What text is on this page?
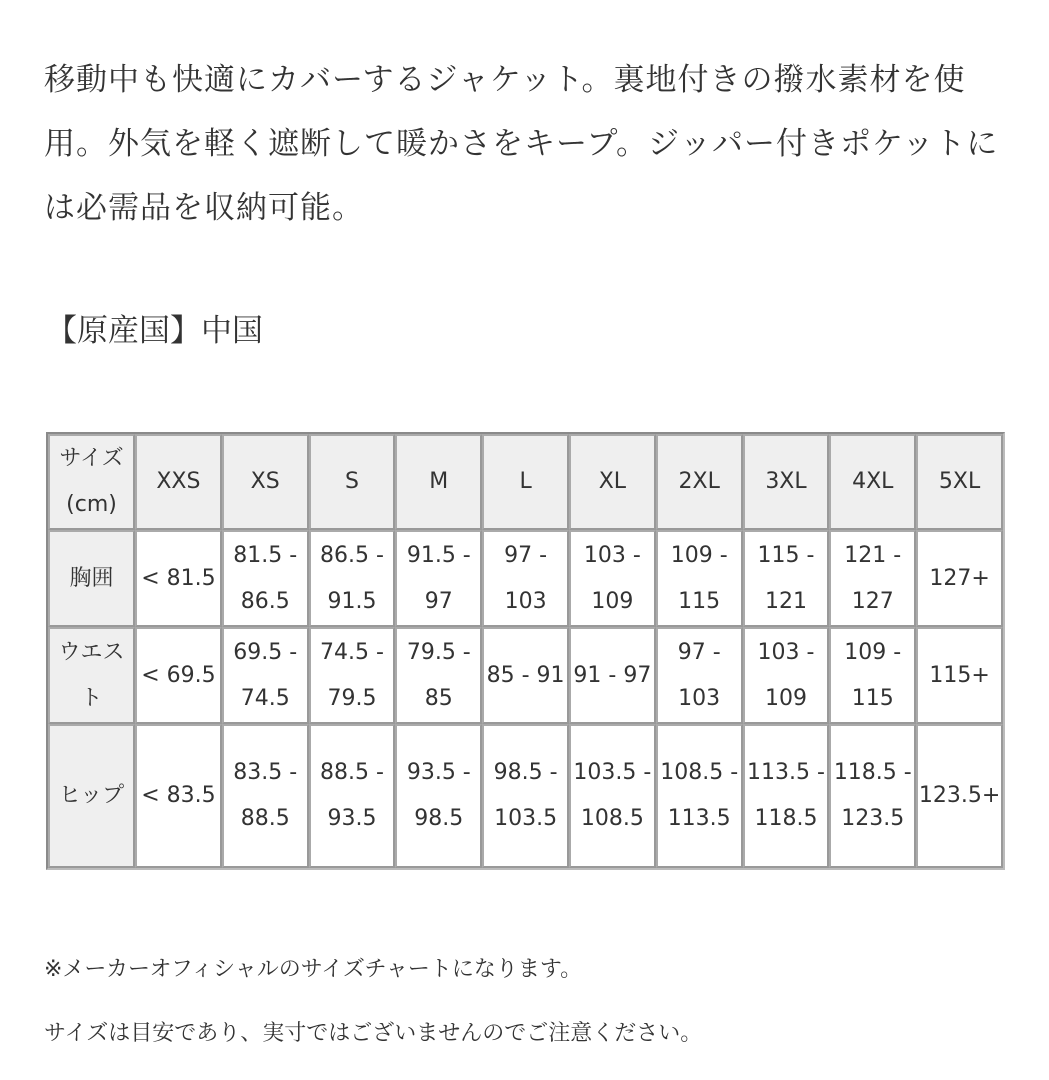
移動中も快適にカバーするジャケット。裏地付きの撥水素材を使用。外気を軽く遮断して暖かさをキープ。ジッパー付きポケットには必需品を収納可能。
【原産国】中国
サイズ(cm)	XXS	XS	S	M	L	XL	2XL	3XL	4XL	5XL
胸囲	< 81.5	81.5 - 86.5	86.5 - 91.5	91.5 - 97	97 - 103	103 - 109	109 - 115	115 - 121	121 - 127	127+
ウエスト	< 69.5	69.5 - 74.5	74.5 - 79.5	79.5 - 85	85 - 91	91 - 97	97 - 103	103 - 109	109 - 115	115+
ヒップ	< 83.5	83.5 - 88.5	88.5 - 93.5	93.5 - 98.5	98.5 - 103.5	103.5 - 108.5	108.5 - 113.5	113.5 - 118.5	118.5 - 123.5	123.5+
※メーカーオフィシャルのサイズチャートになります。
サイズは目安であり、実寸ではございませんのでご注意ください。
